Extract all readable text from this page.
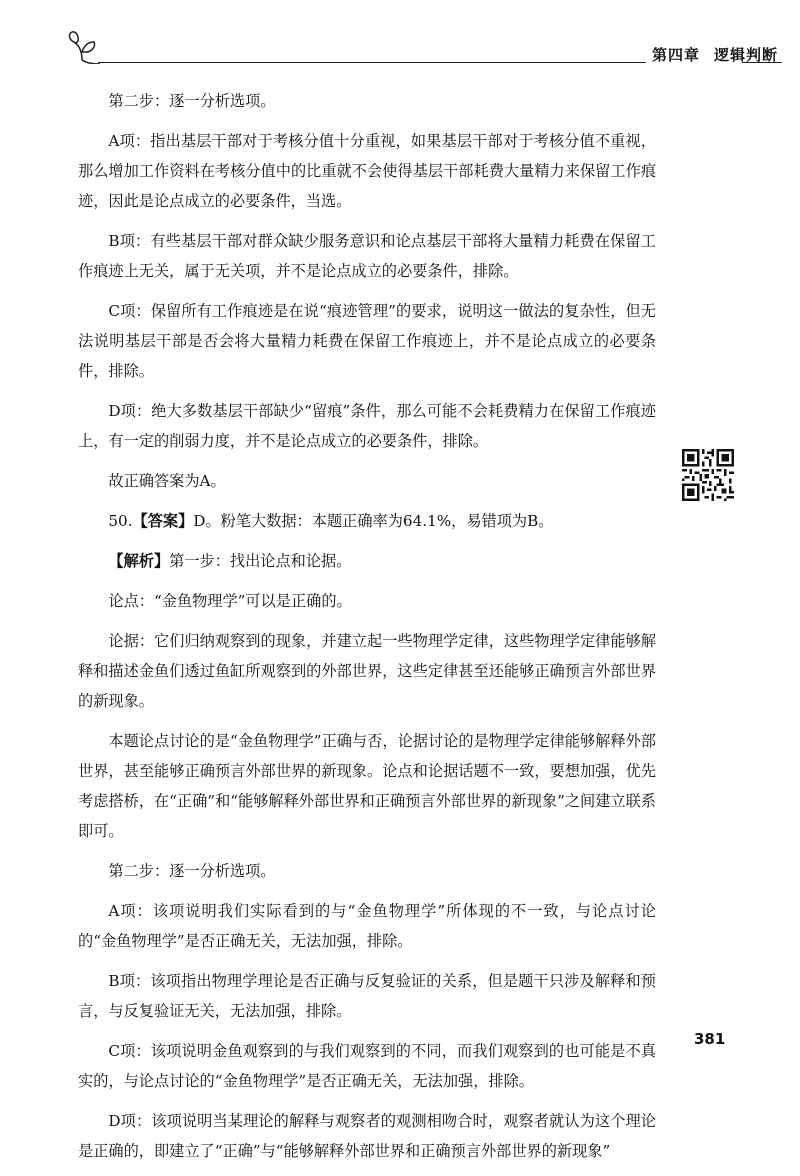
第四章 逻辑判断

第二步：逐一分析选项。

A项：指出基层干部对于考核分值十分重视，如果基层干部对于考核分值不重视，那么增加工作资料在考核分值中的比重就不会使得基层干部耗费大量精力来保留工作痕迹，因此是论点成立的必要条件，当选。

B项：有些基层干部对群众缺少服务意识和论点基层干部将大量精力耗费在保留工作痕迹上无关，属于无关项，并不是论点成立的必要条件，排除。

C项：保留所有工作痕迹是在说“痕迹管理”的要求，说明这一做法的复杂性，但无法说明基层干部是否会将大量精力耗费在保留工作痕迹上，并不是论点成立的必要条件，排除。

D项：绝大多数基层干部缺少“留痕”条件，那么可能不会耗费精力在保留工作痕迹上，有一定的削弱力度，并不是论点成立的必要条件，排除。

故正确答案为A。

50.【答案】D。粉笔大数据：本题正确率为64.1%，易错项为B。

【解析】第一步：找出论点和论据。

论点：“金鱼物理学”可以是正确的。

论据：它们归纳观察到的现象，并建立起一些物理学定律，这些物理学定律能够解释和描述金鱼们透过鱼缸所观察到的外部世界，这些定律甚至还能够正确预言外部世界的新现象。

本题论点讨论的是“金鱼物理学”正确与否，论据讨论的是物理学定律能够解释外部世界，甚至能够正确预言外部世界的新现象。论点和论据话题不一致，要想加强，优先考虑搭桥，在“正确”和“能够解释外部世界和正确预言外部世界的新现象”之间建立联系即可。

第二步：逐一分析选项。

A项：该项说明我们实际看到的与“金鱼物理学”所体现的不一致，与论点讨论的“金鱼物理学”是否正确无关，无法加强，排除。

B项：该项指出物理学理论是否正确与反复验证的关系，但是题干只涉及解释和预言，与反复验证无关，无法加强，排除。

C项：该项说明金鱼观察到的与我们观察到的不同，而我们观察到的也可能是不真实的，与论点讨论的“金鱼物理学”是否正确无关，无法加强，排除。

D项：该项说明当某理论的解释与观察者的观测相吻合时，观察者就认为这个理论是正确的，即建立了“正确”与“能够解释外部世界和正确预言外部世界的新现象”

381
